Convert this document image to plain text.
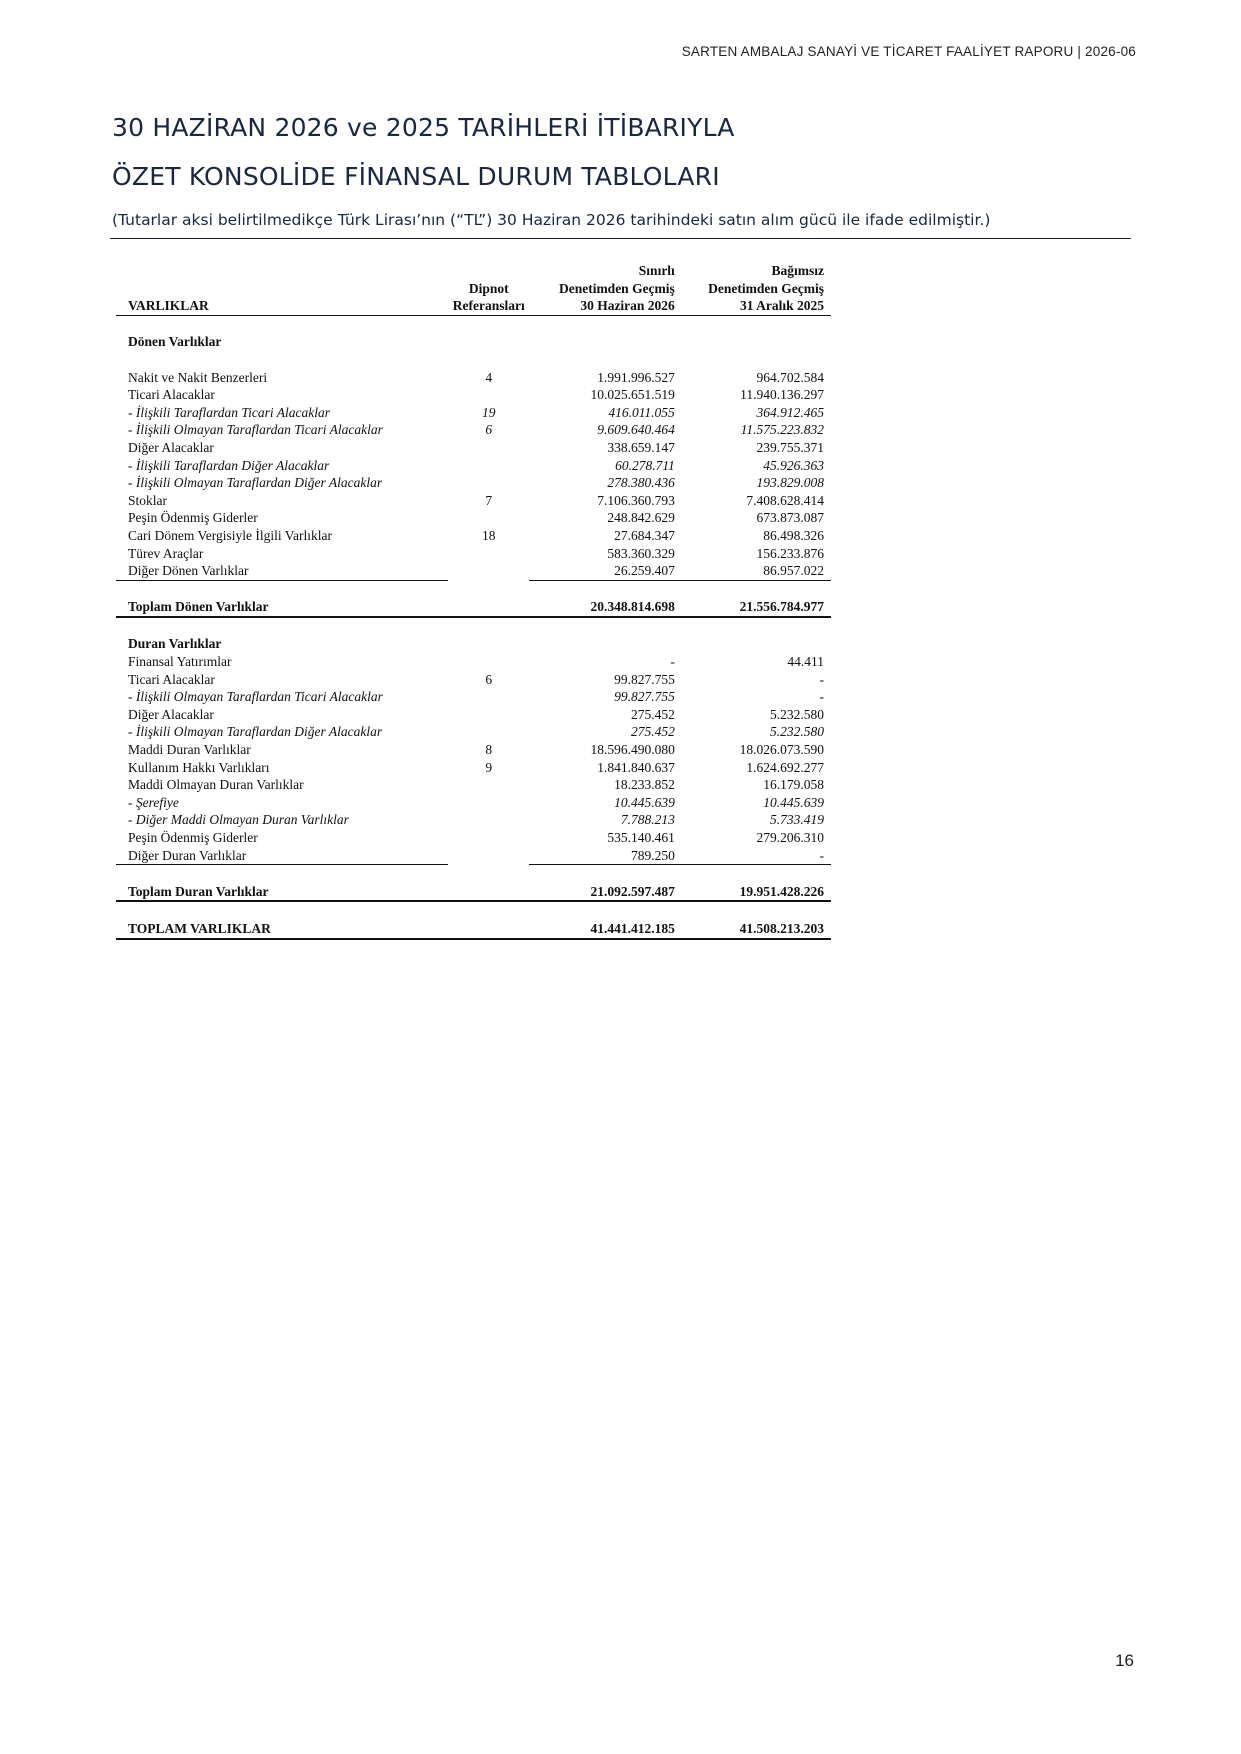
SARTEN AMBALAJ SANAYİ VE TİCARET FAALİYET RAPORU | 2026-06
30 HAZİRAN 2026 ve 2025 TARİHLERİ İTİBARIYLA
ÖZET KONSOLİDE FİNANSAL DURUM TABLOLARI
(Tutarlar aksi belirtilmedikçe Türk Lirası’nın (“TL”) 30 Haziran 2026 tarihindeki satın alım gücü ile ifade edilmiştir.)
		Sınırlı	Bağımsız
	Dipnot	Denetimden Geçmiş	Denetimden Geçmiş
VARLIKLAR	Referansları	30 Haziran 2026	31 Aralık 2025

Dönen Varlıklar			

Nakit ve Nakit Benzerleri	4	1.991.996.527	964.702.584
Ticari Alacaklar		10.025.651.519	11.940.136.297
- İlişkili Taraflardan Ticari Alacaklar	19	416.011.055	364.912.465
- İlişkili Olmayan Taraflardan Ticari Alacaklar	6	9.609.640.464	11.575.223.832
Diğer Alacaklar		338.659.147	239.755.371
- İlişkili Taraflardan Diğer Alacaklar		60.278.711	45.926.363
- İlişkili Olmayan Taraflardan Diğer Alacaklar		278.380.436	193.829.008
Stoklar	7	7.106.360.793	7.408.628.414
Peşin Ödenmiş Giderler		248.842.629	673.873.087
Cari Dönem Vergisiyle İlgili Varlıklar	18	27.684.347	86.498.326
Türev Araçlar		583.360.329	156.233.876
Diğer Dönen Varlıklar		26.259.407	86.957.022

Toplam Dönen Varlıklar		20.348.814.698	21.556.784.977

Duran Varlıklar			
Finansal Yatırımlar		-	44.411
Ticari Alacaklar	6	99.827.755	-
- İlişkili Olmayan Taraflardan Ticari Alacaklar		99.827.755	-
Diğer Alacaklar		275.452	5.232.580
- İlişkili Olmayan Taraflardan Diğer Alacaklar		275.452	5.232.580
Maddi Duran Varlıklar	8	18.596.490.080	18.026.073.590
Kullanım Hakkı Varlıkları	9	1.841.840.637	1.624.692.277
Maddi Olmayan Duran Varlıklar		18.233.852	16.179.058
- Şerefiye		10.445.639	10.445.639
- Diğer Maddi Olmayan Duran Varlıklar		7.788.213	5.733.419
Peşin Ödenmiş Giderler		535.140.461	279.206.310
Diğer Duran Varlıklar		789.250	-

Toplam Duran Varlıklar		21.092.597.487	19.951.428.226

TOPLAM VARLIKLAR		41.441.412.185	41.508.213.203
16
